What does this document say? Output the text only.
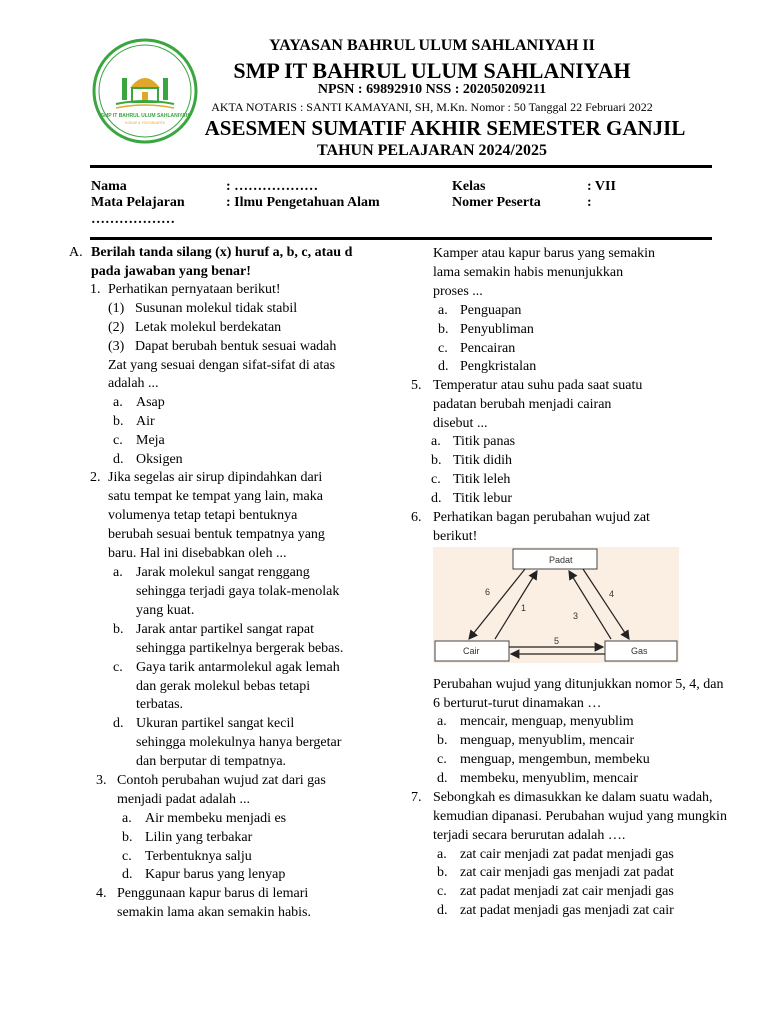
SMP IT BAHRUL ULUM SAHLANIYAH
KOKAP & YOGYAKARTA
YAYASAN BAHRUL ULUM SAHLANIYAH II
SMP IT BAHRUL ULUM SAHLANIYAH
NPSN : 69892910 NSS : 202050209211
AKTA NOTARIS : SANTI KAMAYANI, SH, M.Kn. Nomor : 50 Tanggal 22 Februari 2022
ASESMEN SUMATIF AKHIR SEMESTER GANJIL
TAHUN PELAJARAN 2024/2025
Nama	: ………………	Kelas	: VII
Mata Pelajaran	: Ilmu Pengetahuan Alam	Nomer Peserta	:
………………
A. Berilah tanda silang (x) huruf a, b, c, atau d
pada jawaban yang benar!
1. Perhatikan pernyataan berikut!
(1) Susunan molekul tidak stabil
(2) Letak molekul berdekatan
(3) Dapat berubah bentuk sesuai wadah
Zat yang sesuai dengan sifat-sifat di atas
adalah ...
a. Asap
b. Air
c. Meja
d. Oksigen
2. Jika segelas air sirup dipindahkan dari
satu tempat ke tempat yang lain, maka
volumenya tetap tetapi bentuknya
berubah sesuai bentuk tempatnya yang
baru. Hal ini disebabkan oleh ...
a. Jarak molekul sangat renggang
sehingga terjadi gaya tolak-menolak
yang kuat.
b. Jarak antar partikel sangat rapat
sehingga partikelnya bergerak bebas.
c. Gaya tarik antarmolekul agak lemah
dan gerak molekul bebas tetapi
terbatas.
d. Ukuran partikel sangat kecil
sehingga molekulnya hanya bergetar
dan berputar di tempatnya.
3. Contoh perubahan wujud zat dari gas
menjadi padat adalah ...
a. Air membeku menjadi es
b. Lilin yang terbakar
c. Terbentuknya salju
d. Kapur barus yang lenyap
4. Penggunaan kapur barus di lemari
semakin lama akan semakin habis.
Kamper atau kapur barus yang semakin
lama semakin habis menunjukkan
proses ...
a. Penguapan
b. Penyubliman
c. Pencairan
d. Pengkristalan
5. Temperatur atau suhu pada saat suatu
padatan berubah menjadi cairan
disebut ...
a. Titik panas
b. Titik didih
c. Titik leleh
d. Titik lebur
6. Perhatikan bagan perubahan wujud zat
berikut!
Padat
Cair	Gas
6
1
4
3
5
Perubahan wujud yang ditunjukkan nomor 5, 4, dan
6 berturut-turut dinamakan …
a. mencair, menguap, menyublim
b. menguap, menyublim, mencair
c. menguap, mengembun, membeku
d. membeku, menyublim, mencair
7. Sebongkah es dimasukkan ke dalam suatu wadah,
kemudian dipanasi. Perubahan wujud yang mungkin
terjadi secara berurutan adalah ….
a. zat cair menjadi zat padat menjadi gas
b. zat cair menjadi gas menjadi zat padat
c. zat padat menjadi zat cair menjadi gas
d. zat padat menjadi gas menjadi zat cair
